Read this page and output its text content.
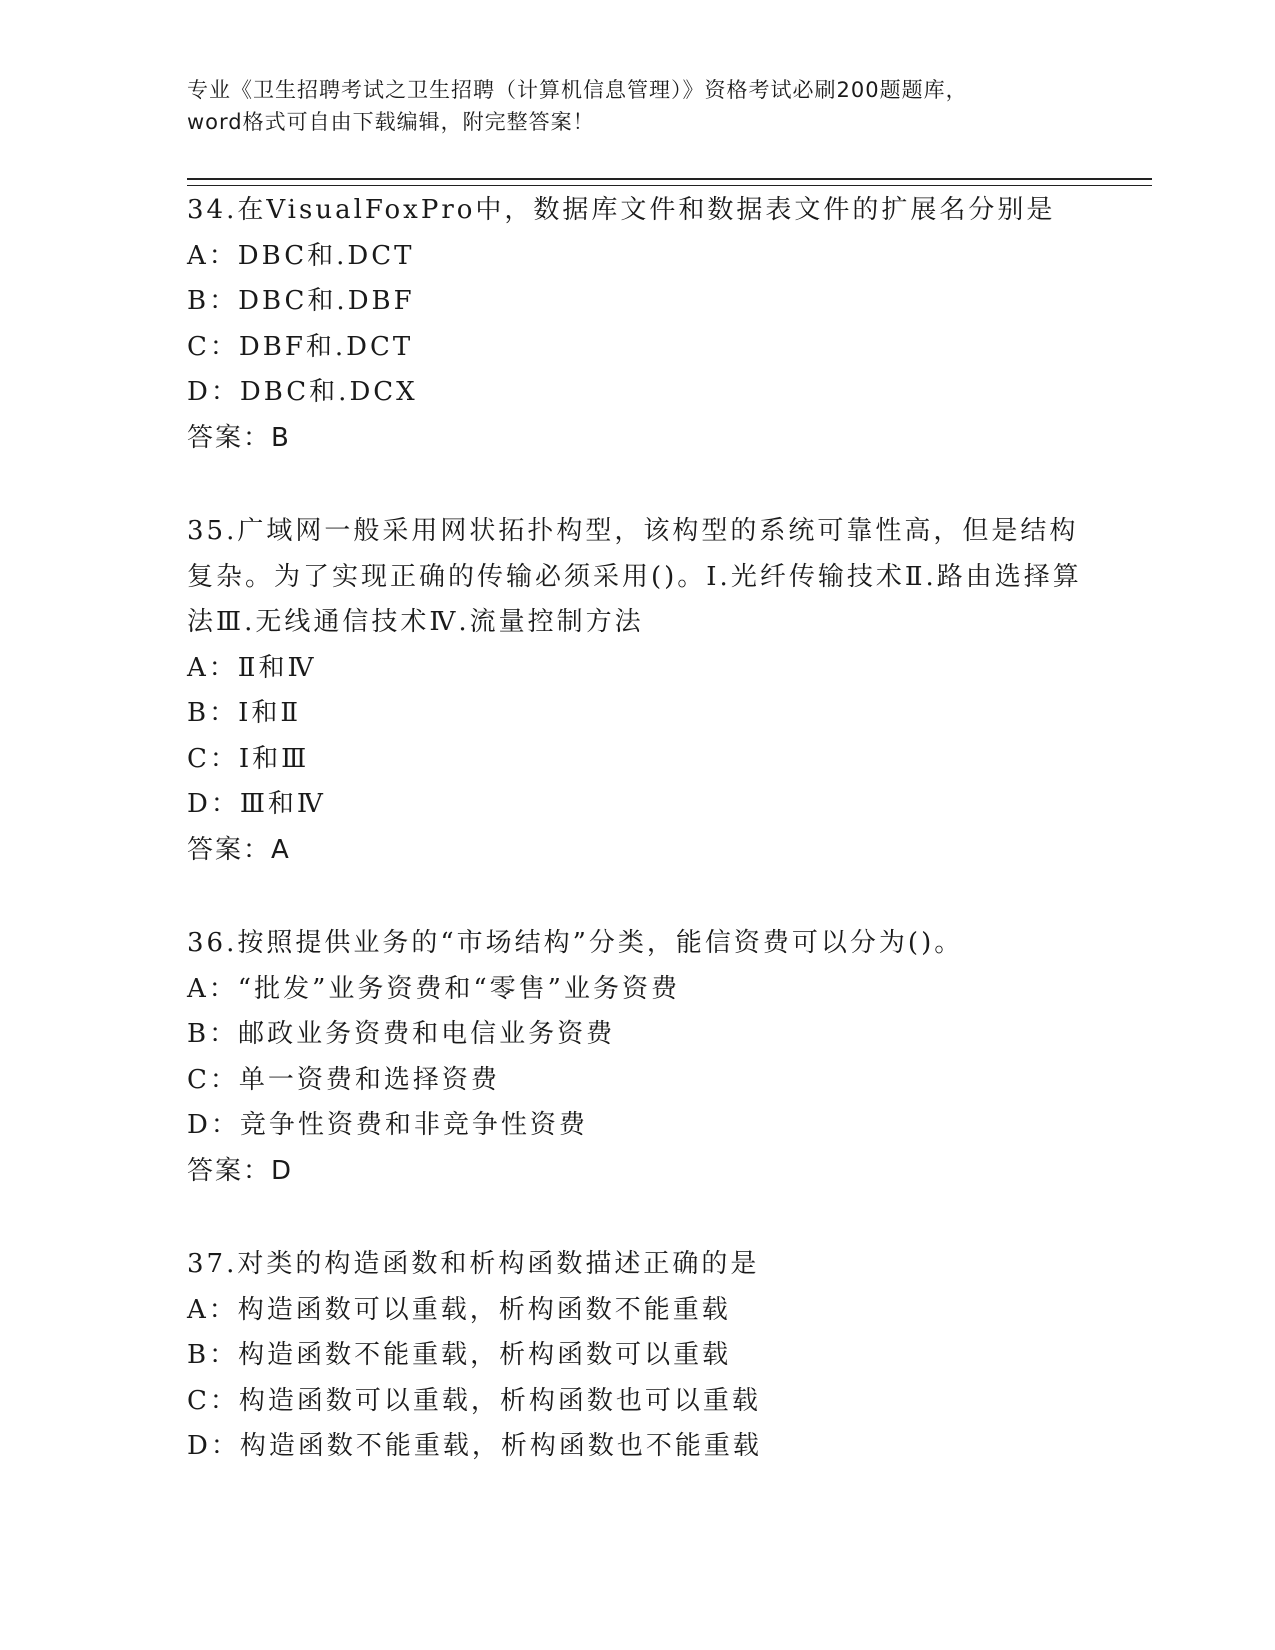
专业《卫生招聘考试之卫生招聘（计算机信息管理）》资格考试必刷200题题库，
word格式可自由下载编辑，附完整答案！

34.在VisualFoxPro中，数据库文件和数据表文件的扩展名分别是

A：DBC和.DCT

B：DBC和.DBF

C：DBF和.DCT

D：DBC和.DCX

答案：B

35.广域网一般采用网状拓扑构型，该构型的系统可靠性高，但是结构复杂。为了实现正确的传输必须采用()。Ⅰ.光纤传输技术Ⅱ.路由选择算法Ⅲ.无线通信技术Ⅳ.流量控制方法

A：Ⅱ和Ⅳ

B：Ⅰ和Ⅱ

C：Ⅰ和Ⅲ

D：Ⅲ和Ⅳ

答案：A

36.按照提供业务的“市场结构”分类，能信资费可以分为()。

A：“批发”业务资费和“零售”业务资费

B：邮政业务资费和电信业务资费

C：单一资费和选择资费

D：竞争性资费和非竞争性资费

答案：D

37.对类的构造函数和析构函数描述正确的是

A：构造函数可以重载，析构函数不能重载

B：构造函数不能重载，析构函数可以重载

C：构造函数可以重载，析构函数也可以重载

D：构造函数不能重载，析构函数也不能重载
